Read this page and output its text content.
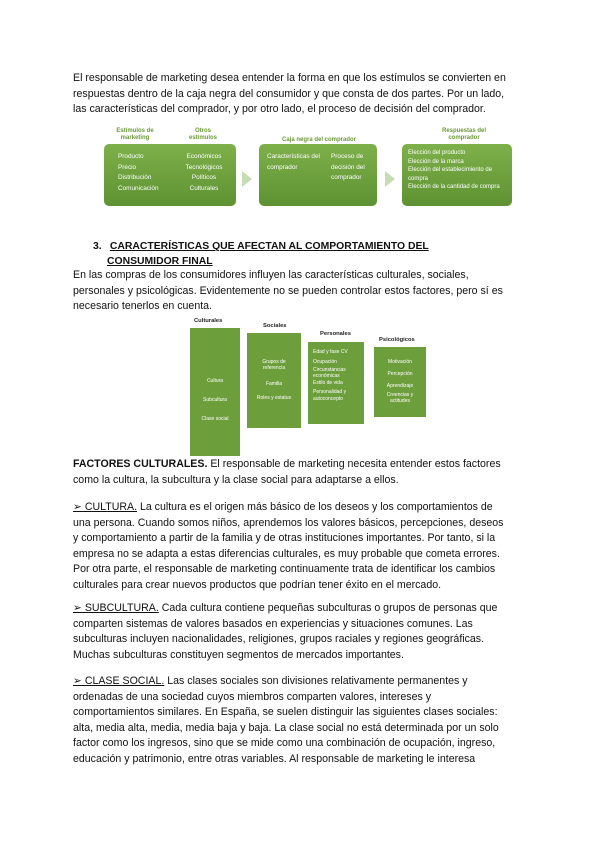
El responsable de marketing desea entender la forma en que los estímulos se convierten en
respuestas dentro de la caja negra del consumidor y que consta de dos partes. Por un lado,
las características del comprador, y por otro lado, el proceso de decisión del comprador.
Estímulos de marketing
Otros estímulos	Caja negra del comprador
Respuestas del comprador
Producto
Precio
Distribución
Comunicación
Económicos
Tecnológicos
Políticos
Culturales
Características del comprador
Proceso de decisión del comprador
Elección del producto
Elección de la marca
Elección del establecimiento de compra
Elección de la cantidad de compra
3. CARACTERÍSTICAS QUE AFECTAN AL COMPORTAMIENTO DEL
CONSUMIDOR FINAL
En las compras de los consumidores influyen las características culturales, sociales,
personales y psicológicas. Evidentemente no se pueden controlar estos factores, pero sí es
necesario tenerlos en cuenta.
Culturales
Cultura
Subcultura
Clase social
Sociales
Grupos de referencia
Familia
Roles y estatus
Personales
Edad y fase CV
Ocupación
Circunstancias económicas
Estilo de vida
Personalidad y autoconcepto
Psicológicos
Motivación
Percepción
Aprendizaje
Creencias y actitudes
FACTORES CULTURALES. El responsable de marketing necesita entender estos factores
como la cultura, la subcultura y la clase social para adaptarse a ellos.
➢ CULTURA. La cultura es el origen más básico de los deseos y los comportamientos de
una persona. Cuando somos niños, aprendemos los valores básicos, percepciones, deseos
y comportamiento a partir de la familia y de otras instituciones importantes. Por tanto, si la
empresa no se adapta a estas diferencias culturales, es muy probable que cometa errores.
Por otra parte, el responsable de marketing continuamente trata de identificar los cambios
culturales para crear nuevos productos que podrían tener éxito en el mercado.
➢ SUBCULTURA. Cada cultura contiene pequeñas subculturas o grupos de personas que
comparten sistemas de valores basados en experiencias y situaciones comunes. Las
subculturas incluyen nacionalidades, religiones, grupos raciales y regiones geográficas.
Muchas subculturas constituyen segmentos de mercados importantes.
➢ CLASE SOCIAL. Las clases sociales son divisiones relativamente permanentes y
ordenadas de una sociedad cuyos miembros comparten valores, intereses y
comportamientos similares. En España, se suelen distinguir las siguientes clases sociales:
alta, media alta, media, media baja y baja. La clase social no está determinada por un solo
factor como los ingresos, sino que se mide como una combinación de ocupación, ingreso,
educación y patrimonio, entre otras variables. Al responsable de marketing le interesa
